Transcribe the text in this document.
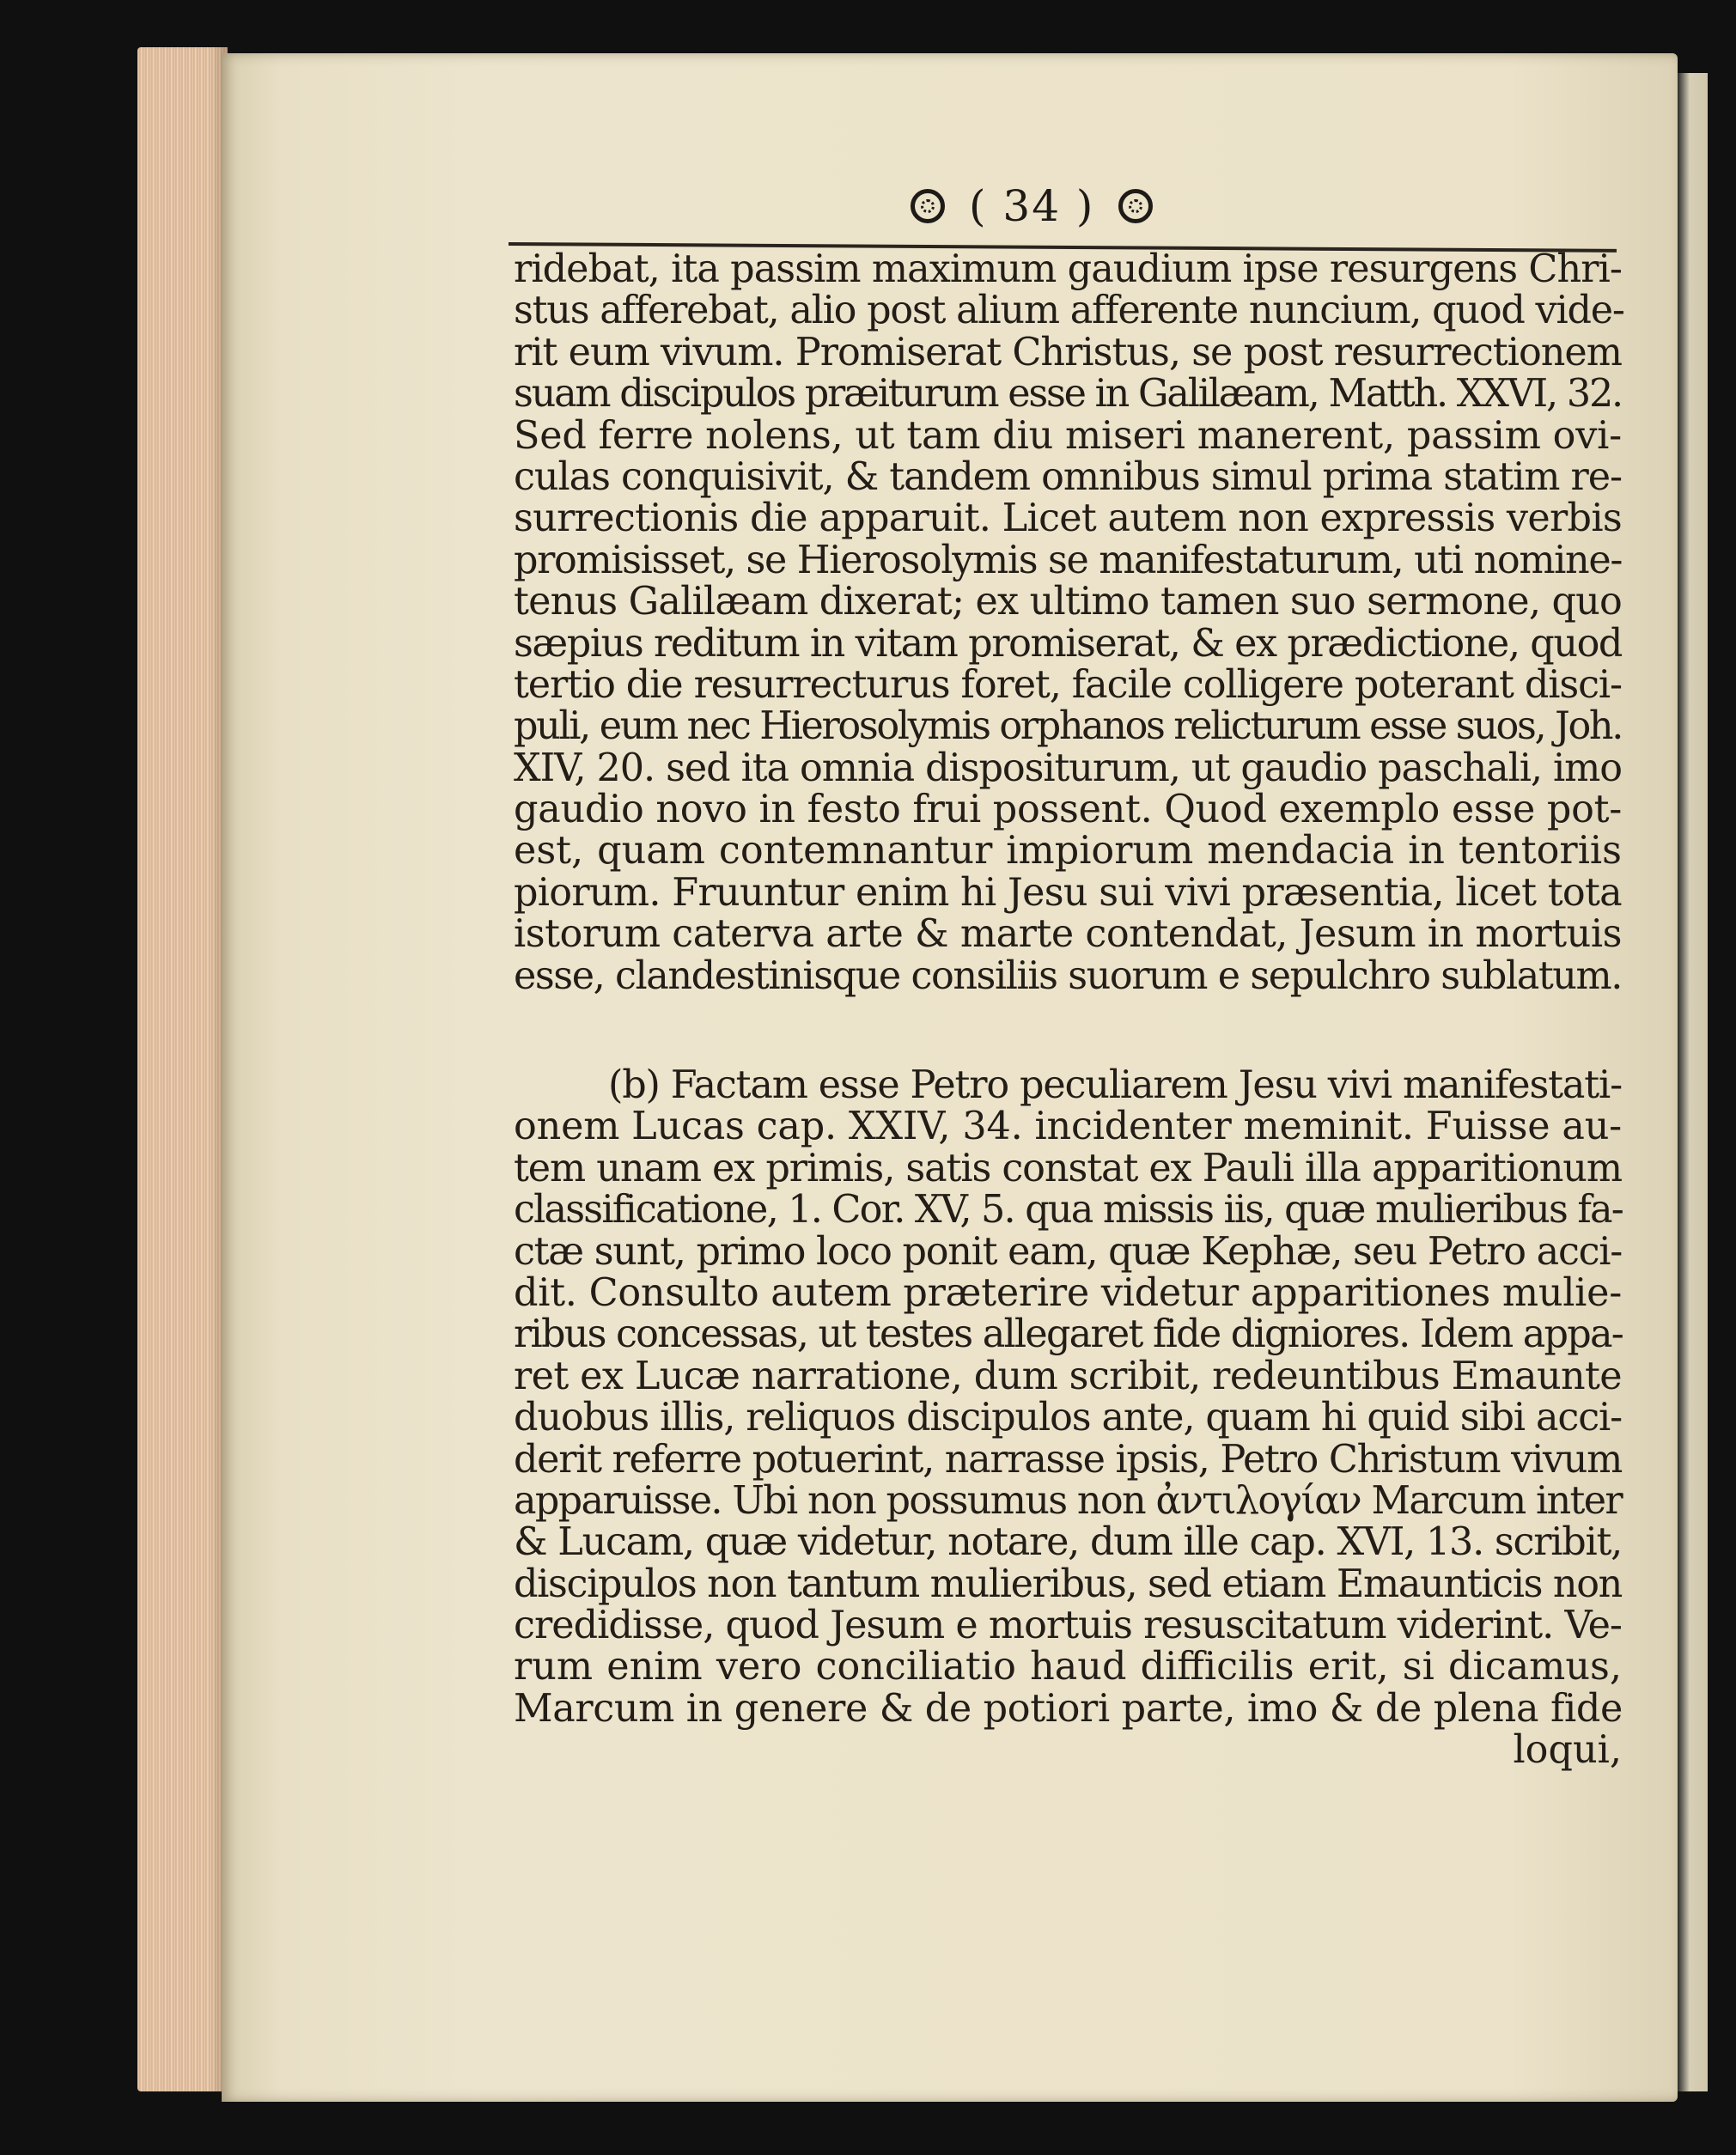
( 34 )
ridebat, ita passim maximum gaudium ipse resurgens Chri-
stus afferebat, alio post alium afferente nuncium, quod vide-
rit eum vivum. Promiserat Christus, se post resurrectionem
suam discipulos præiturum esse in Galilæam, Matth. XXVI, 32.
Sed ferre nolens, ut tam diu miseri manerent, passim ovi-
culas conquisivit, & tandem omnibus simul prima statim re-
surrectionis die apparuit. Licet autem non expressis verbis
promisisset, se Hierosolymis se manifestaturum, uti nomine-
tenus Galilæam dixerat; ex ultimo tamen suo sermone, quo
sæpius reditum in vitam promiserat, & ex prædictione, quod
tertio die resurrecturus foret, facile colligere poterant disci-
puli, eum nec Hierosolymis orphanos relicturum esse suos, Joh.
XIV, 20. sed ita omnia dispositurum, ut gaudio paschali, imo
gaudio novo in festo frui possent. Quod exemplo esse pot-
est, quam contemnantur impiorum mendacia in tentoriis
piorum. Fruuntur enim hi Jesu sui vivi præsentia, licet tota
istorum caterva arte & marte contendat, Jesum in mortuis
esse, clandestinisque consiliis suorum e sepulchro sublatum.
(b) Factam esse Petro peculiarem Jesu vivi manifestati-
onem Lucas cap. XXIV, 34. incidenter meminit. Fuisse au-
tem unam ex primis, satis constat ex Pauli illa apparitionum
classificatione, 1. Cor. XV, 5. qua missis iis, quæ mulieribus fa-
ctæ sunt, primo loco ponit eam, quæ Kephæ, seu Petro acci-
dit. Consulto autem præterire videtur apparitiones mulie-
ribus concessas, ut testes allegaret fide digniores. Idem appa-
ret ex Lucæ narratione, dum scribit, redeuntibus Emaunte
duobus illis, reliquos discipulos ante, quam hi quid sibi acci-
derit referre potuerint, narrasse ipsis, Petro Christum vivum
apparuisse. Ubi non possumus non ἀντιλογίαν Marcum inter
& Lucam, quæ videtur, notare, dum ille cap. XVI, 13. scribit,
discipulos non tantum mulieribus, sed etiam Emaunticis non
credidisse, quod Jesum e mortuis resuscitatum viderint. Ve-
rum enim vero conciliatio haud difficilis erit, si dicamus,
Marcum in genere & de potiori parte, imo & de plena fide
loqui,
